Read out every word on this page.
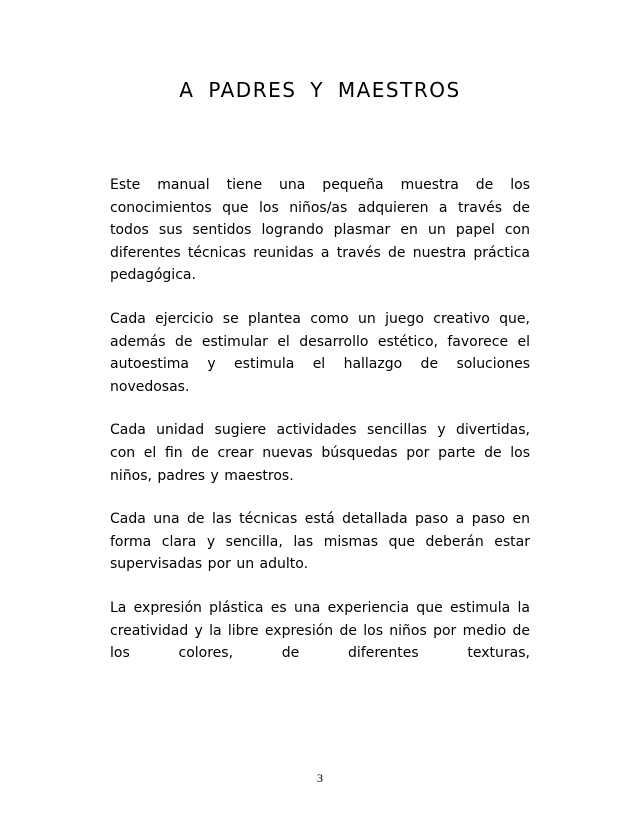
A PADRES Y MAESTROS

Este manual tiene una pequeña muestra de los conocimientos que los niños/as adquieren a través de todos sus sentidos logrando plasmar en un papel con diferentes técnicas reunidas a través de nuestra práctica pedagógica.

Cada ejercicio se plantea como un juego creativo que, además de estimular el desarrollo estético, favorece el autoestima y estimula el hallazgo de soluciones novedosas.

Cada unidad sugiere actividades sencillas y divertidas, con el fin de crear nuevas búsquedas por parte de los niños, padres y maestros.

Cada una de las técnicas está detallada paso a paso en forma clara y sencilla, las mismas que deberán estar supervisadas por un adulto.

La expresión plástica es una experiencia que estimula la creatividad y la libre expresión de los niños por medio de los colores, de diferentes texturas,

3
